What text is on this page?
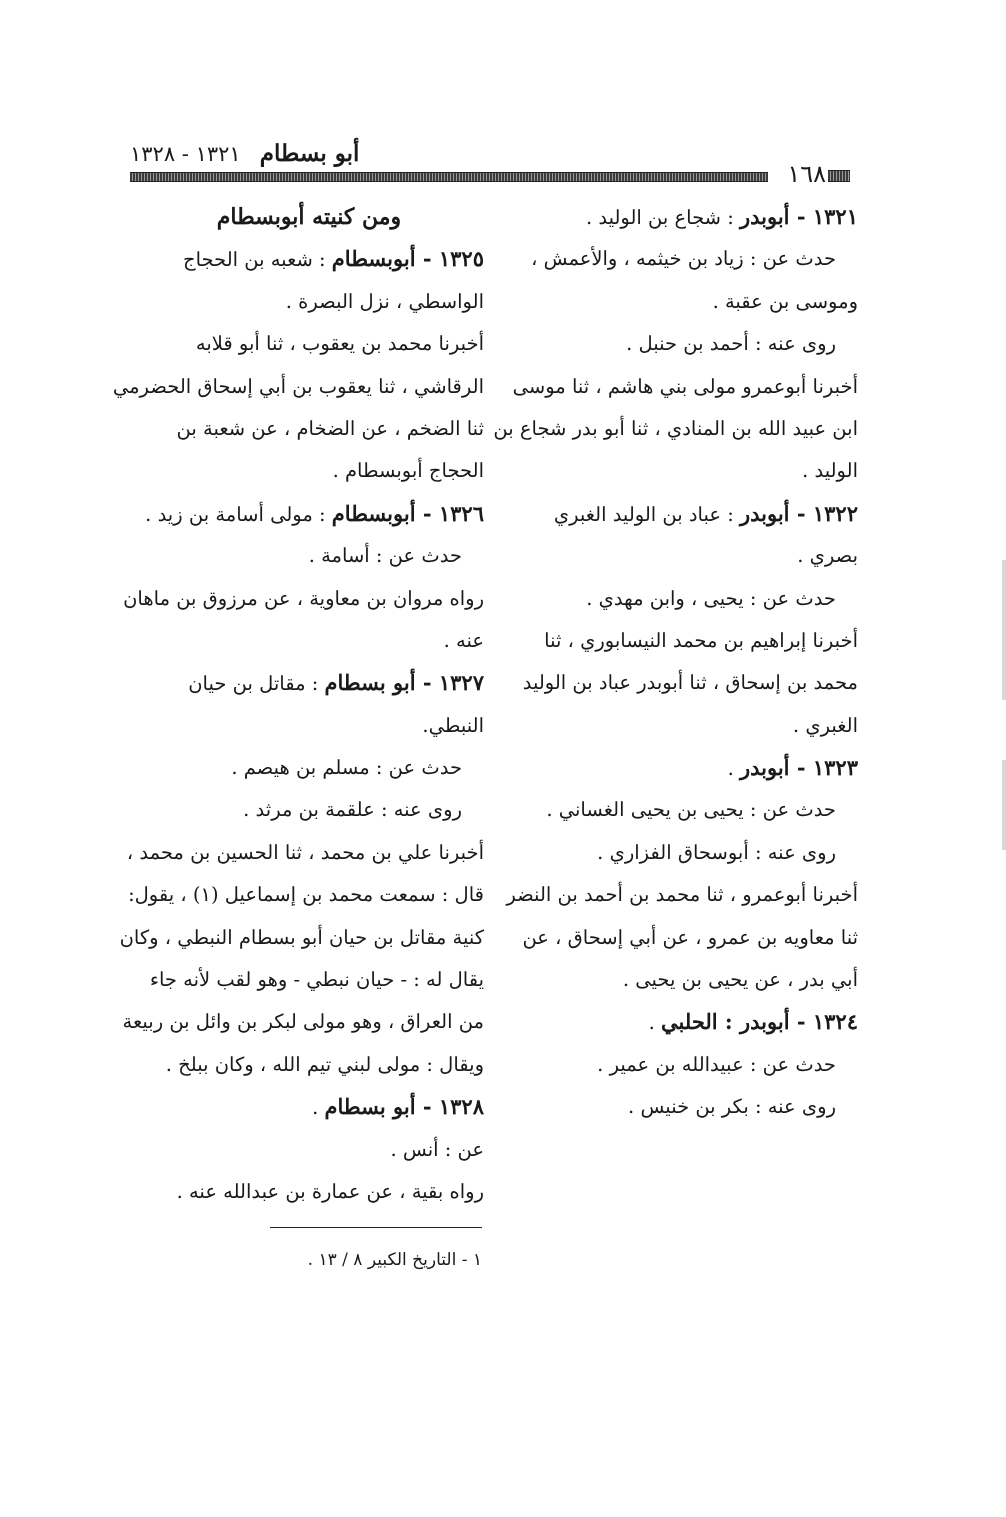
أبو بسطام ١٣٢١ - ١٣٢٨
١٦٨
١٣٢١ - أبوبدر : شجاع بن الوليد .
حدث عن : زياد بن خيثمه ، والأعمش ،
وموسى بن عقبة .
روى عنه : أحمد بن حنبل .
أخبرنا أبوعمرو مولى بني هاشم ، ثنا موسى
ابن عبيد الله بن المنادي ، ثنا أبو بدر شجاع بن
الوليد .
١٣٢٢ - أبوبدر : عباد بن الوليد الغبري
بصري .
حدث عن : يحيى ، وابن مهدي .
أخبرنا إبراهيم بن محمد النيسابوري ، ثنا
محمد بن إسحاق ، ثنا أبوبدر عباد بن الوليد
الغبري .
١٣٢٣ - أبوبدر .
حدث عن : يحيى بن يحيى الغساني .
روى عنه : أبوسحاق الفزاري .
أخبرنا أبوعمرو ، ثنا محمد بن أحمد بن النضر
ثنا معاويه بن عمرو ، عن أبي إسحاق ، عن
أبي بدر ، عن يحيى بن يحيى .
١٣٢٤ - أبوبدر : الحلبي .
حدث عن : عبيدالله بن عمير .
روى عنه : بكر بن خنيس .
ومن كنيته أبوبسطام
١٣٢٥ - أبوبسطام : شعبه بن الحجاج
الواسطي ، نزل البصرة .
أخبرنا محمد بن يعقوب ، ثنا أبو قلابه
الرقاشي ، ثنا يعقوب بن أبي إسحاق الحضرمي
ثنا الضخم ، عن الضخام ، عن شعبة بن
الحجاج أبوبسطام .
١٣٢٦ - أبوبسطام : مولى أسامة بن زيد .
حدث عن : أسامة .
رواه مروان بن معاوية ، عن مرزوق بن ماهان
عنه .
١٣٢٧ - أبو بسطام : مقاتل بن حيان
النبطي.
حدث عن : مسلم بن هيصم .
روى عنه : علقمة بن مرثد .
أخبرنا علي بن محمد ، ثنا الحسين بن محمد ،
قال : سمعت محمد بن إسماعيل (١) ، يقول:
كنية مقاتل بن حيان أبو بسطام النبطي ، وكان
يقال له : - حيان نبطي - وهو لقب لأنه جاء
من العراق ، وهو مولى لبكر بن وائل بن ربيعة
ويقال : مولى لبني تيم الله ، وكان ببلخ .
١٣٢٨ - أبو بسطام .
عن : أنس .
رواه بقية ، عن عمارة بن عبدالله عنه .
١ - التاريخ الكبير ٨ / ١٣ .
